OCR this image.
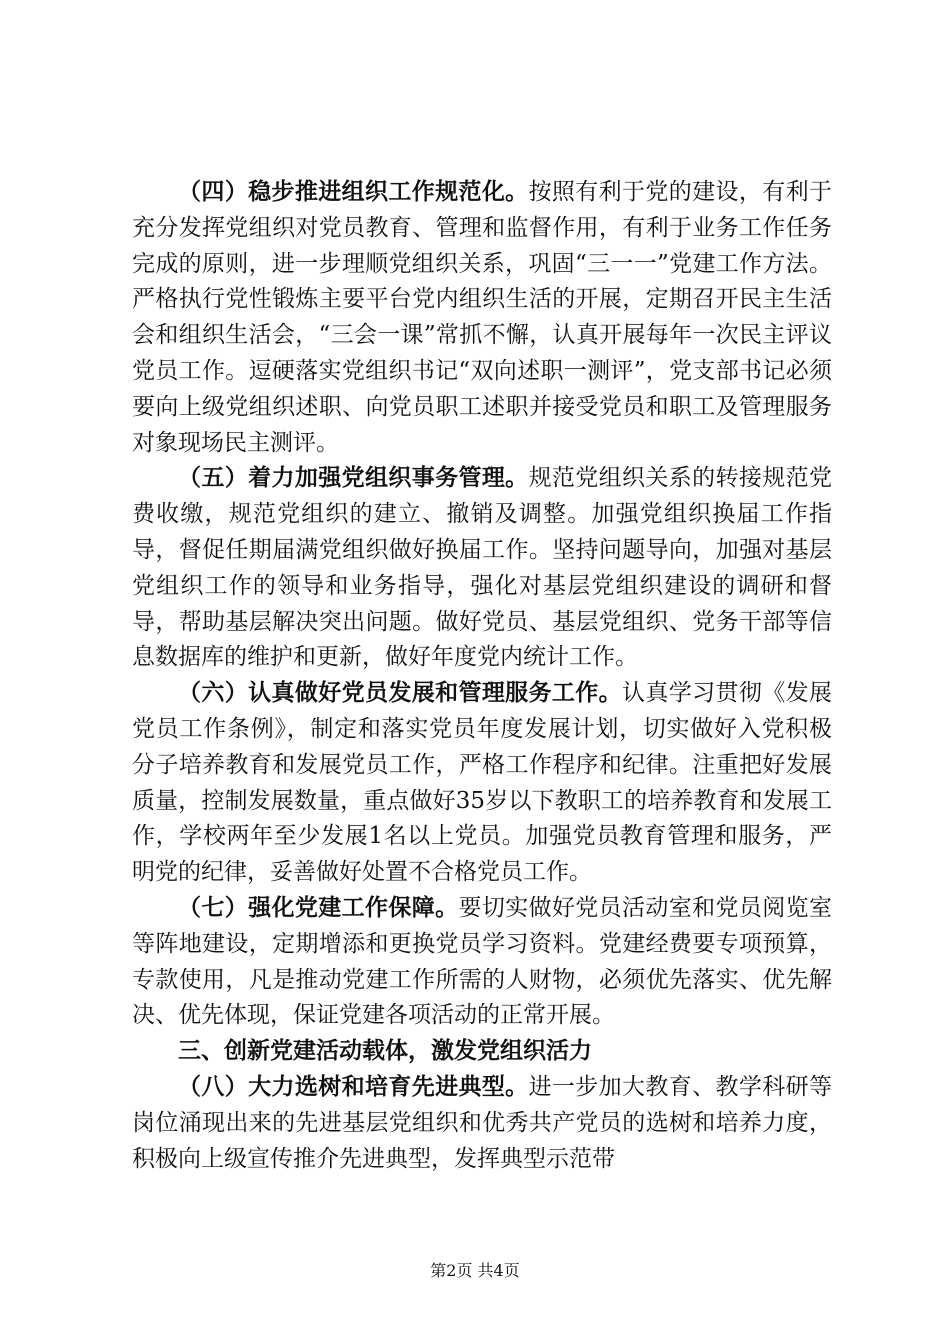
（四）稳步推进组织工作规范化。按照有利于党的建设，有利于充分发挥党组织对党员教育、管理和监督作用，有利于业务工作任务完成的原则，进一步理顺党组织关系，巩固“三一一”党建工作方法。严格执行党性锻炼主要平台党内组织生活的开展，定期召开民主生活会和组织生活会，“三会一课”常抓不懈，认真开展每年一次民主评议党员工作。逗硬落实党组织书记“双向述职一测评”，党支部书记必须要向上级党组织述职、向党员职工述职并接受党员和职工及管理服务对象现场民主测评。

（五）着力加强党组织事务管理。规范党组织关系的转接规范党费收缴，规范党组织的建立、撤销及调整。加强党组织换届工作指导，督促任期届满党组织做好换届工作。坚持问题导向，加强对基层党组织工作的领导和业务指导，强化对基层党组织建设的调研和督导，帮助基层解决突出问题。做好党员、基层党组织、党务干部等信息数据库的维护和更新，做好年度党内统计工作。

（六）认真做好党员发展和管理服务工作。认真学习贯彻《发展党员工作条例》，制定和落实党员年度发展计划，切实做好入党积极分子培养教育和发展党员工作，严格工作程序和纪律。注重把好发展质量，控制发展数量，重点做好35岁以下教职工的培养教育和发展工作，学校两年至少发展1名以上党员。加强党员教育管理和服务，严明党的纪律，妥善做好处置不合格党员工作。

（七）强化党建工作保障。要切实做好党员活动室和党员阅览室等阵地建设，定期增添和更换党员学习资料。党建经费要专项预算，专款使用，凡是推动党建工作所需的人财物，必须优先落实、优先解决、优先体现，保证党建各项活动的正常开展。

三、创新党建活动载体，激发党组织活力

（八）大力选树和培育先进典型。进一步加大教育、教学科研等岗位涌现出来的先进基层党组织和优秀共产党员的选树和培养力度，积极向上级宣传推介先进典型，发挥典型示范带

第2页 共4页
